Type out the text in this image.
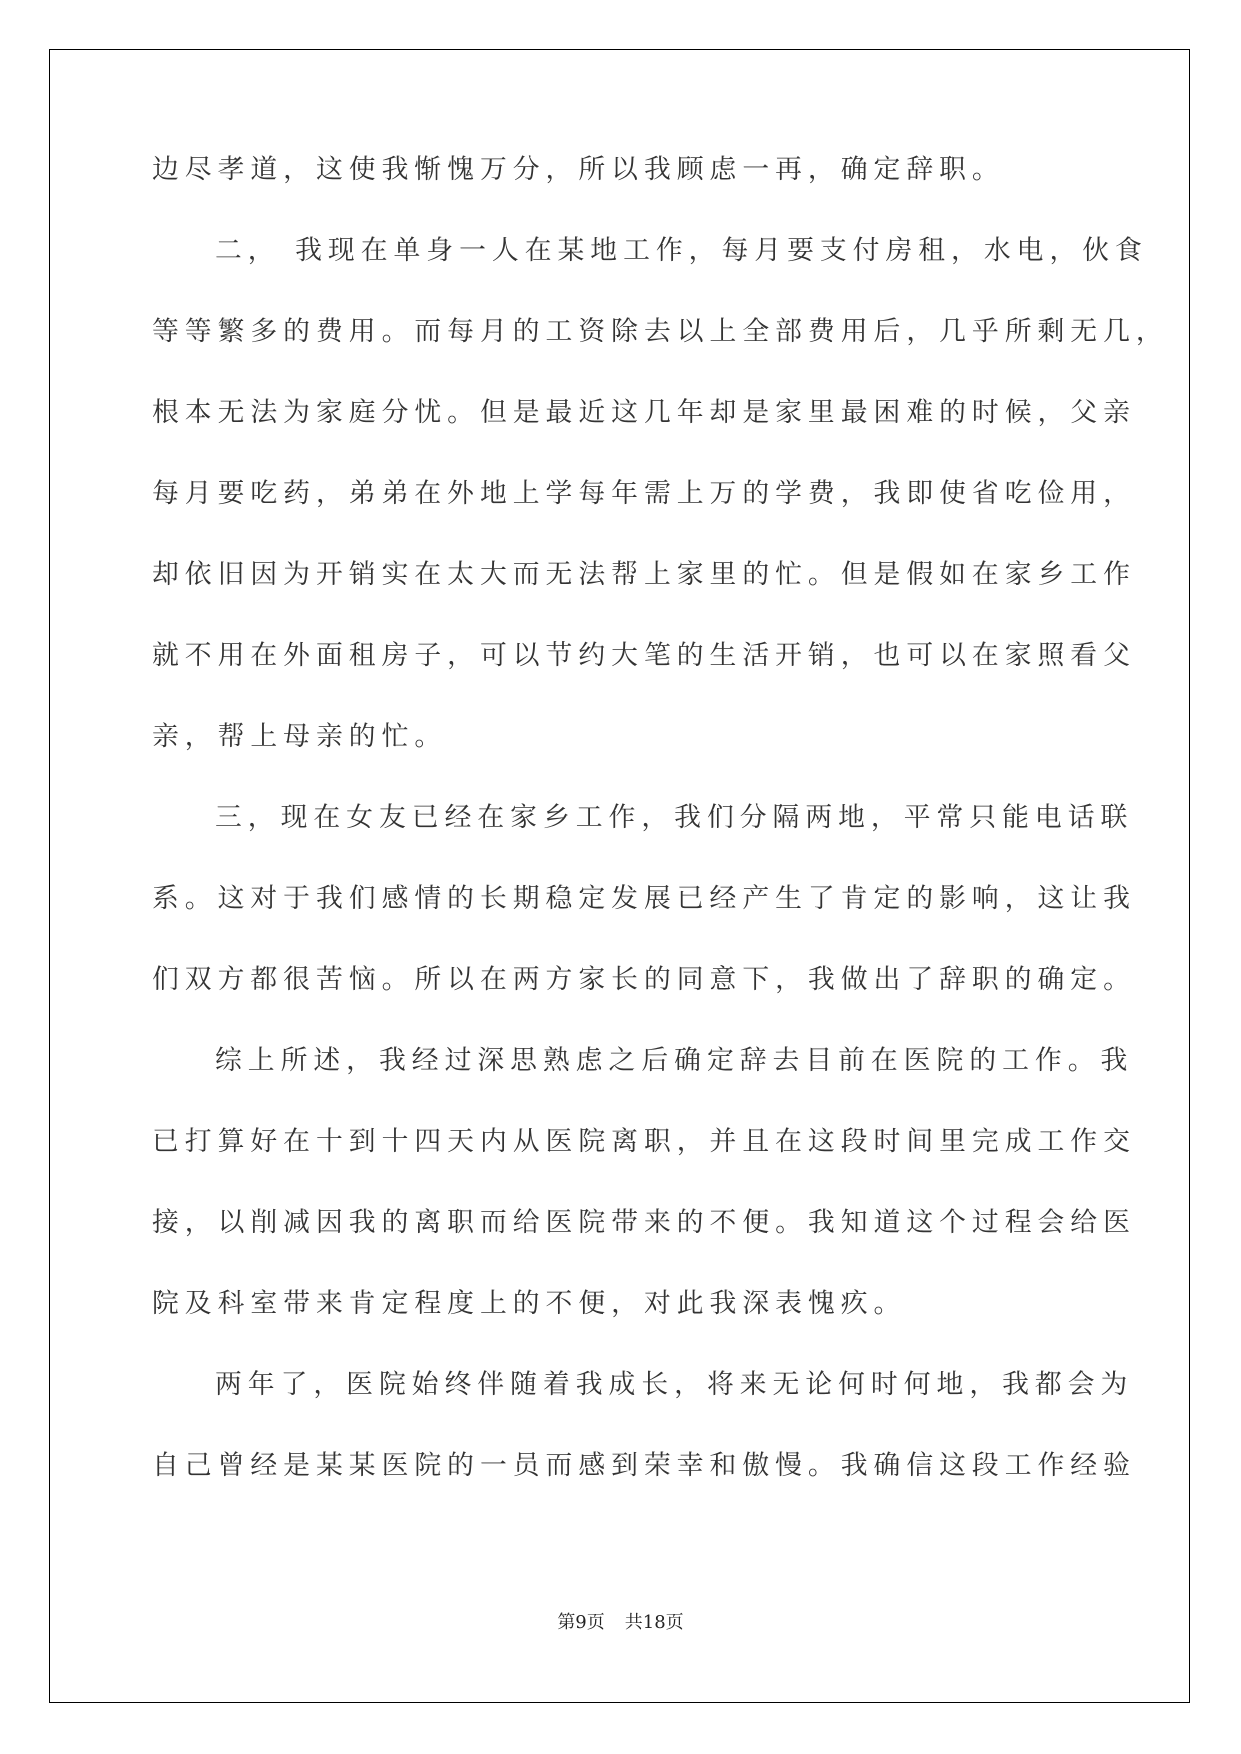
边尽孝道，这使我惭愧万分，所以我顾虑一再，确定辞职。
二， 我现在单身一人在某地工作，每月要支付房租，水电，伙食
等等繁多的费用。而每月的工资除去以上全部费用后，几乎所剩无几，
根本无法为家庭分忧。但是最近这几年却是家里最困难的时候，父亲
每月要吃药，弟弟在外地上学每年需上万的学费，我即使省吃俭用，
却依旧因为开销实在太大而无法帮上家里的忙。但是假如在家乡工作
就不用在外面租房子，可以节约大笔的生活开销，也可以在家照看父
亲，帮上母亲的忙。
三，现在女友已经在家乡工作，我们分隔两地，平常只能电话联
系。这对于我们感情的长期稳定发展已经产生了肯定的影响，这让我
们双方都很苦恼。所以在两方家长的同意下，我做出了辞职的确定。
综上所述，我经过深思熟虑之后确定辞去目前在医院的工作。我
已打算好在十到十四天内从医院离职，并且在这段时间里完成工作交
接，以削减因我的离职而给医院带来的不便。我知道这个过程会给医
院及科室带来肯定程度上的不便，对此我深表愧疚。
两年了，医院始终伴随着我成长，将来无论何时何地，我都会为
自己曾经是某某医院的一员而感到荣幸和傲慢。我确信这段工作经验
第9页 共18页
